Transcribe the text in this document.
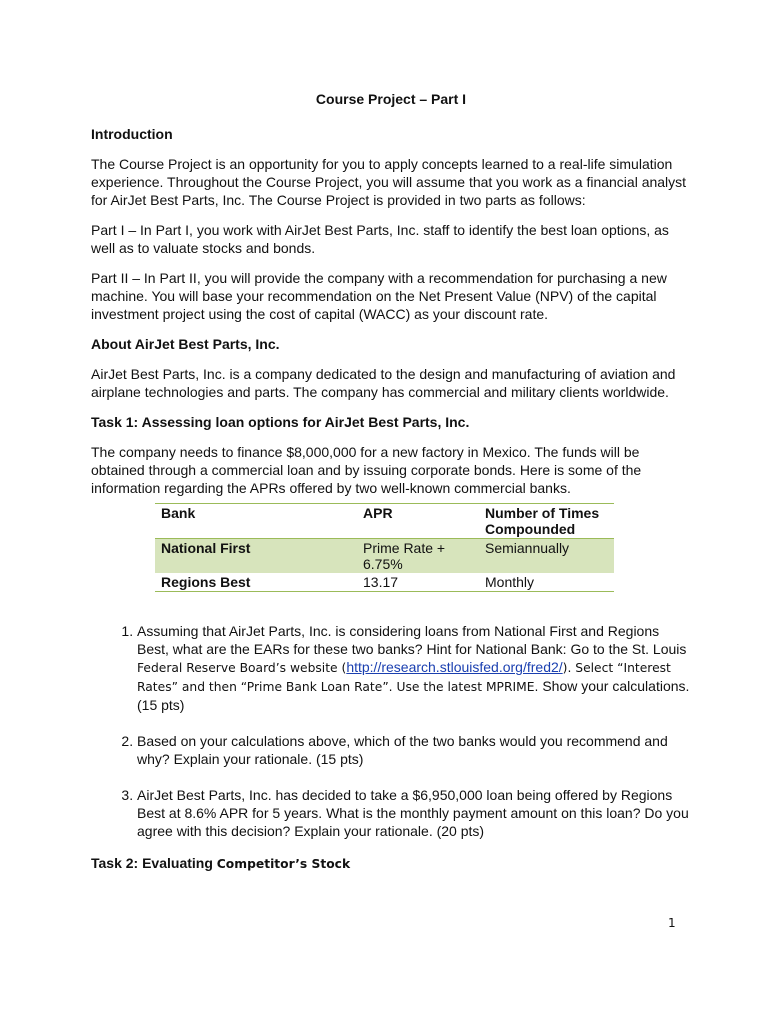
Course Project – Part I

Introduction

The Course Project is an opportunity for you to apply concepts learned to a real-life simulation experience. Throughout the Course Project, you will assume that you work as a financial analyst for AirJet Best Parts, Inc. The Course Project is provided in two parts as follows:

Part I – In Part I, you work with AirJet Best Parts, Inc. staff to identify the best loan options, as well as to valuate stocks and bonds.

Part II – In Part II, you will provide the company with a recommendation for purchasing a new machine. You will base your recommendation on the Net Present Value (NPV) of the capital investment project using the cost of capital (WACC) as your discount rate.

About AirJet Best Parts, Inc.

AirJet Best Parts, Inc. is a company dedicated to the design and manufacturing of aviation and airplane technologies and parts. The company has commercial and military clients worldwide.

Task 1: Assessing loan options for AirJet Best Parts, Inc.

The company needs to finance $8,000,000 for a new factory in Mexico. The funds will be obtained through a commercial loan and by issuing corporate bonds. Here is some of the information regarding the APRs offered by two well-known commercial banks.

Bank	APR	Number of Times Compounded
National First	Prime Rate + 6.75%	Semiannually
Regions Best	13.17	Monthly
1. Assuming that AirJet Parts, Inc. is considering loans from National First and Regions Best, what are the EARs for these two banks? Hint for National Bank: Go to the St. Louis Federal Reserve Board’s website (http://research.stlouisfed.org/fred2/). Select “Interest Rates” and then “Prime Bank Loan Rate”. Use the latest MPRIME. Show your calculations. (15 pts)
2. Based on your calculations above, which of the two banks would you recommend and why? Explain your rationale. (15 pts)
3. AirJet Best Parts, Inc. has decided to take a $6,950,000 loan being offered by Regions Best at 8.6% APR for 5 years. What is the monthly payment amount on this loan? Do you agree with this decision? Explain your rationale. (20 pts)

Task 2: Evaluating Competitor’s Stock

1
